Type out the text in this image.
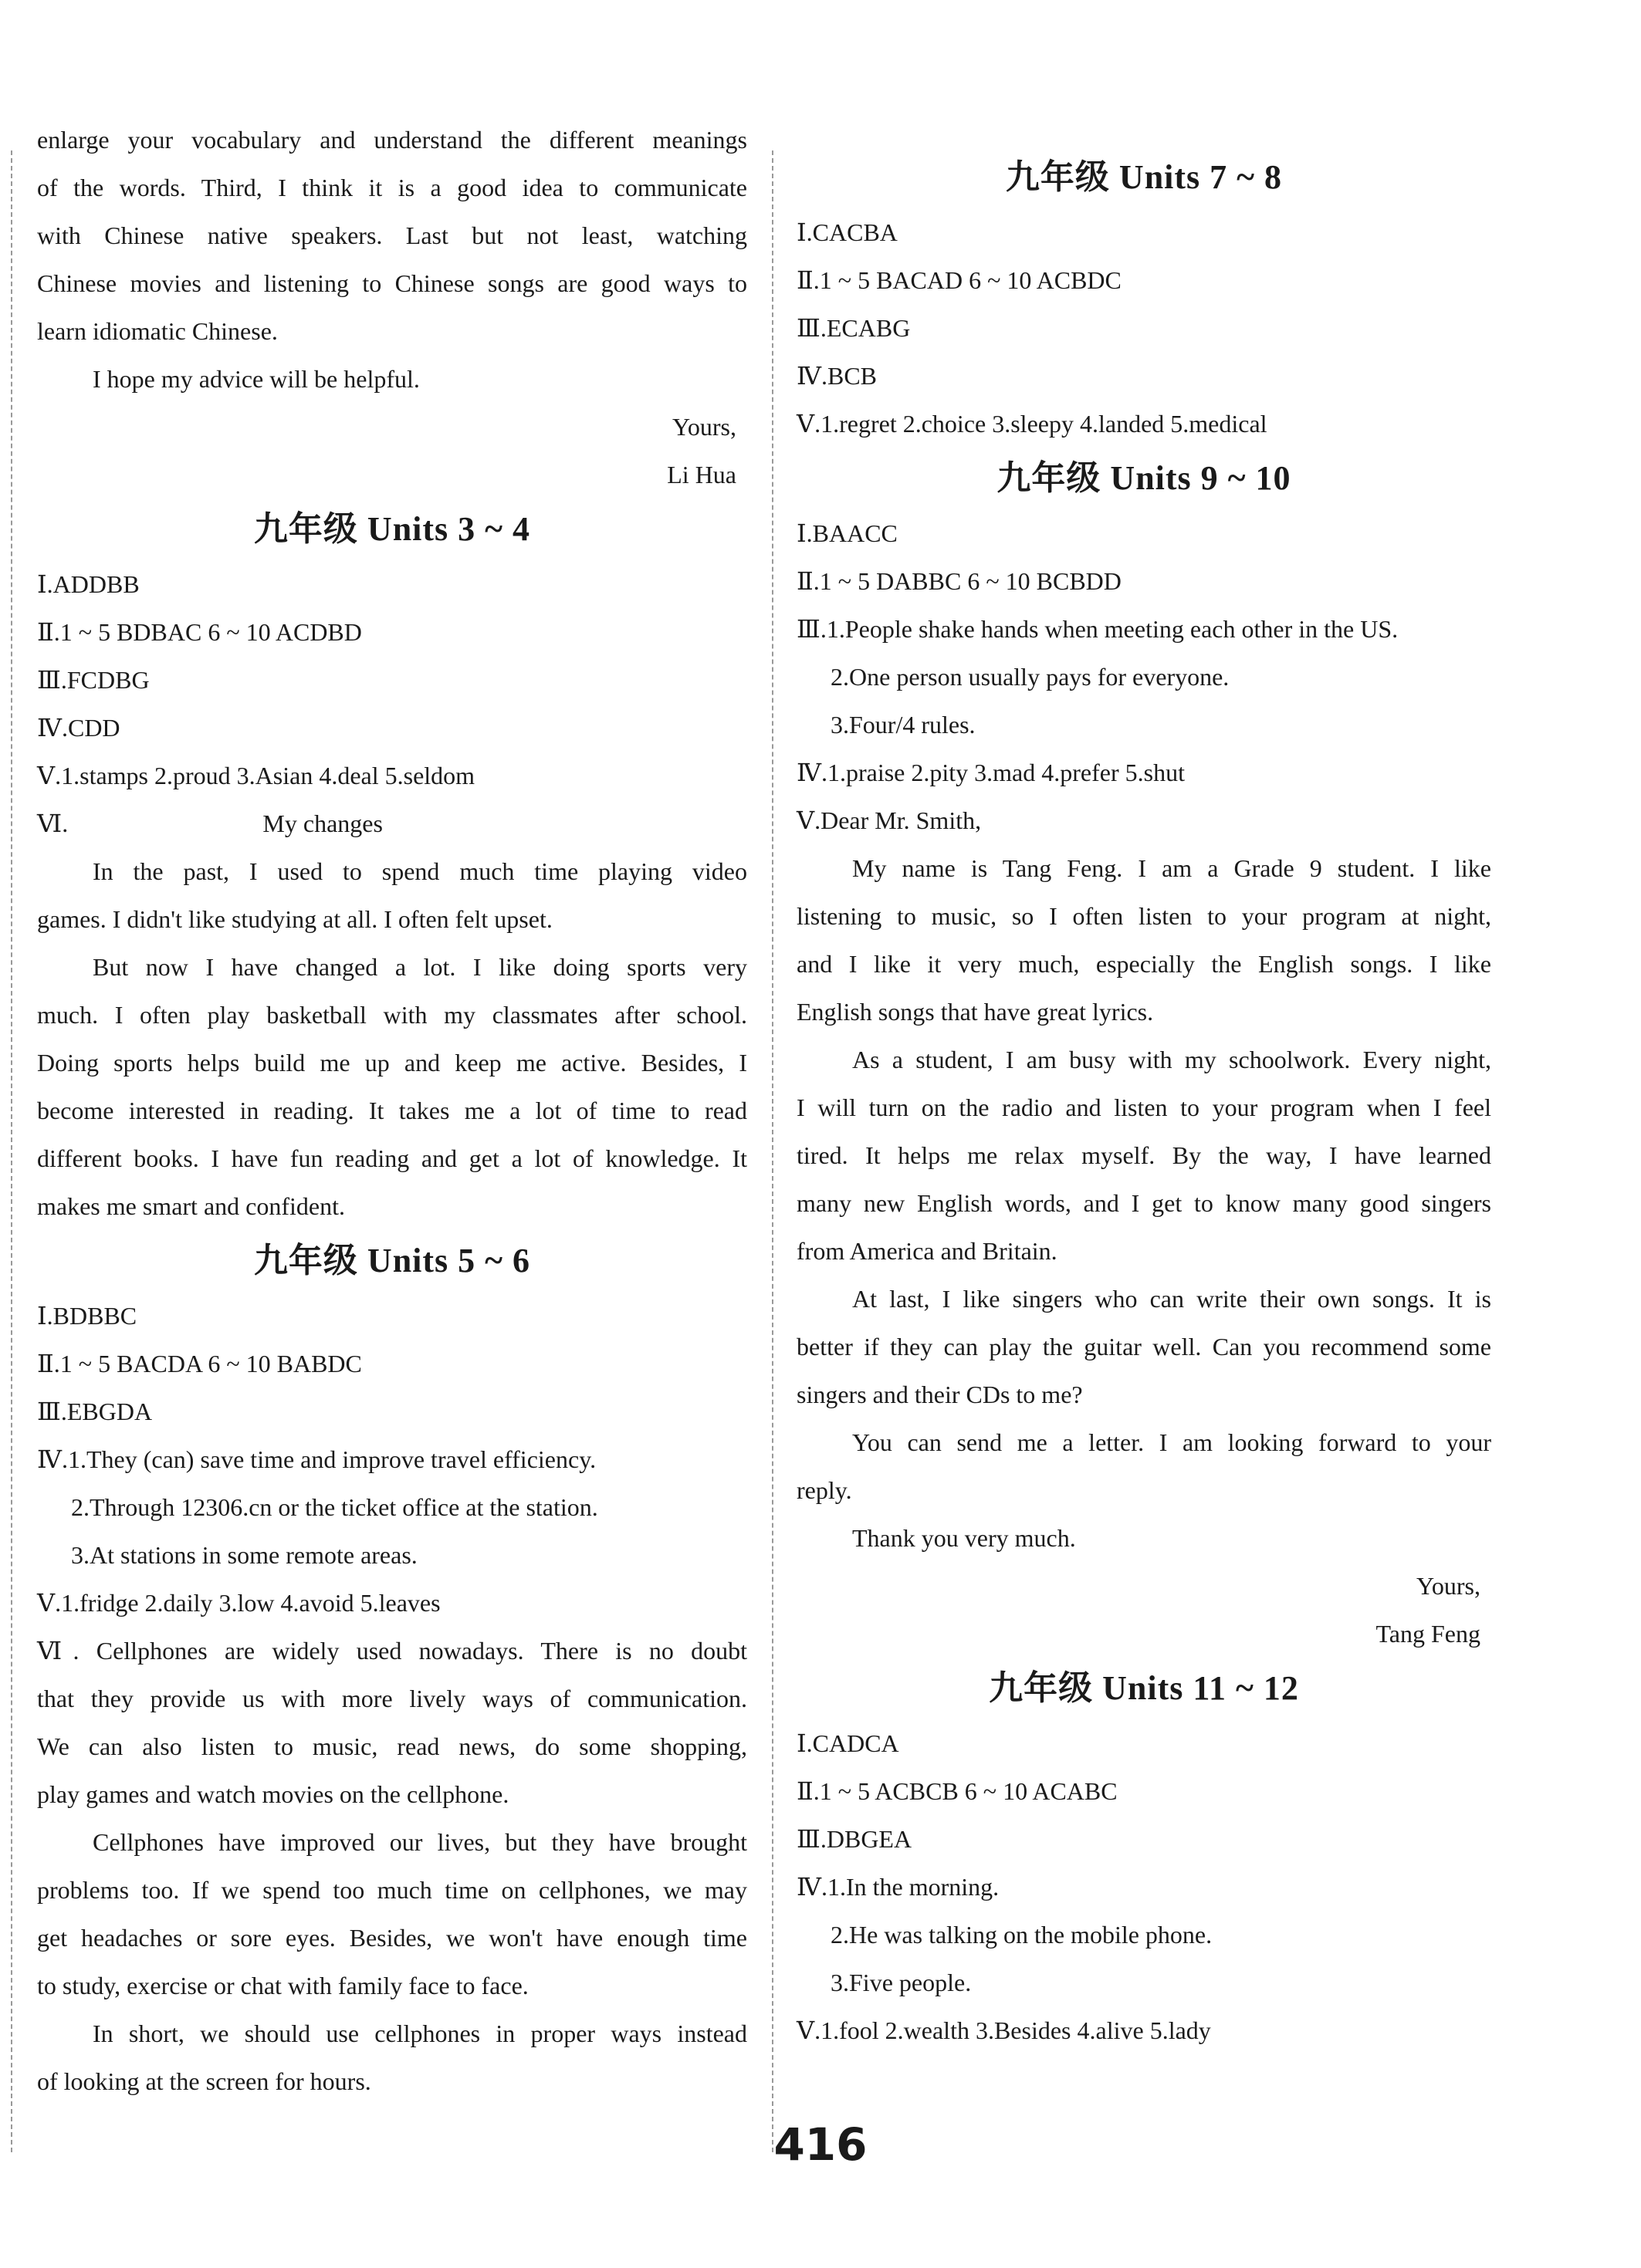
enlarge your vocabulary and understand the different meanings
of the words. Third, I think it is a good idea to communicate
with Chinese native speakers. Last but not least, watching
Chinese movies and listening to Chinese songs are good ways to
learn idiomatic Chinese.
I hope my advice will be helpful.
Yours,
Li Hua
九年级 Units 3 ~ 4
Ⅰ.ADDBB
Ⅱ.1 ~ 5 BDBAC 6 ~ 10 ACDBD
Ⅲ.FCDBG
Ⅳ.CDD
Ⅴ.1.stamps 2.proud 3.Asian 4.deal 5.seldom
Ⅵ.	My changes
In the past, I used to spend much time playing video
games. I didn't like studying at all. I often felt upset.
But now I have changed a lot. I like doing sports very
much. I often play basketball with my classmates after school.
Doing sports helps build me up and keep me active. Besides, I
become interested in reading. It takes me a lot of time to read
different books. I have fun reading and get a lot of knowledge. It
makes me smart and confident.
九年级 Units 5 ~ 6
Ⅰ.BDBBC
Ⅱ.1 ~ 5 BACDA 6 ~ 10 BABDC
Ⅲ.EBGDA
Ⅳ.1.They (can) save time and improve travel efficiency.
2.Through 12306.cn or the ticket office at the station.
3.At stations in some remote areas.
Ⅴ.1.fridge 2.daily 3.low 4.avoid 5.leaves
Ⅵ. Cellphones are widely used nowadays. There is no doubt
that they provide us with more lively ways of communication.
We can also listen to music, read news, do some shopping,
play games and watch movies on the cellphone.
Cellphones have improved our lives, but they have brought
problems too. If we spend too much time on cellphones, we may
get headaches or sore eyes. Besides, we won't have enough time
to study, exercise or chat with family face to face.
In short, we should use cellphones in proper ways instead
of looking at the screen for hours.
九年级 Units 7 ~ 8
Ⅰ.CACBA
Ⅱ.1 ~ 5 BACAD 6 ~ 10 ACBDC
Ⅲ.ECABG
Ⅳ.BCB
Ⅴ.1.regret 2.choice 3.sleepy 4.landed 5.medical
九年级 Units 9 ~ 10
Ⅰ.BAACC
Ⅱ.1 ~ 5 DABBC 6 ~ 10 BCBDD
Ⅲ.1.People shake hands when meeting each other in the US.
2.One person usually pays for everyone.
3.Four/4 rules.
Ⅳ.1.praise 2.pity 3.mad 4.prefer 5.shut
Ⅴ.Dear Mr. Smith,
My name is Tang Feng. I am a Grade 9 student. I like
listening to music, so I often listen to your program at night,
and I like it very much, especially the English songs. I like
English songs that have great lyrics.
As a student, I am busy with my schoolwork. Every night,
I will turn on the radio and listen to your program when I feel
tired. It helps me relax myself. By the way, I have learned
many new English words, and I get to know many good singers
from America and Britain.
At last, I like singers who can write their own songs. It is
better if they can play the guitar well. Can you recommend some
singers and their CDs to me?
You can send me a letter. I am looking forward to your
reply.
Thank you very much.
Yours,
Tang Feng
九年级 Units 11 ~ 12
Ⅰ.CADCA
Ⅱ.1 ~ 5 ACBCB 6 ~ 10 ACABC
Ⅲ.DBGEA
Ⅳ.1.In the morning.
2.He was talking on the mobile phone.
3.Five people.
Ⅴ.1.fool 2.wealth 3.Besides 4.alive 5.lady
416
